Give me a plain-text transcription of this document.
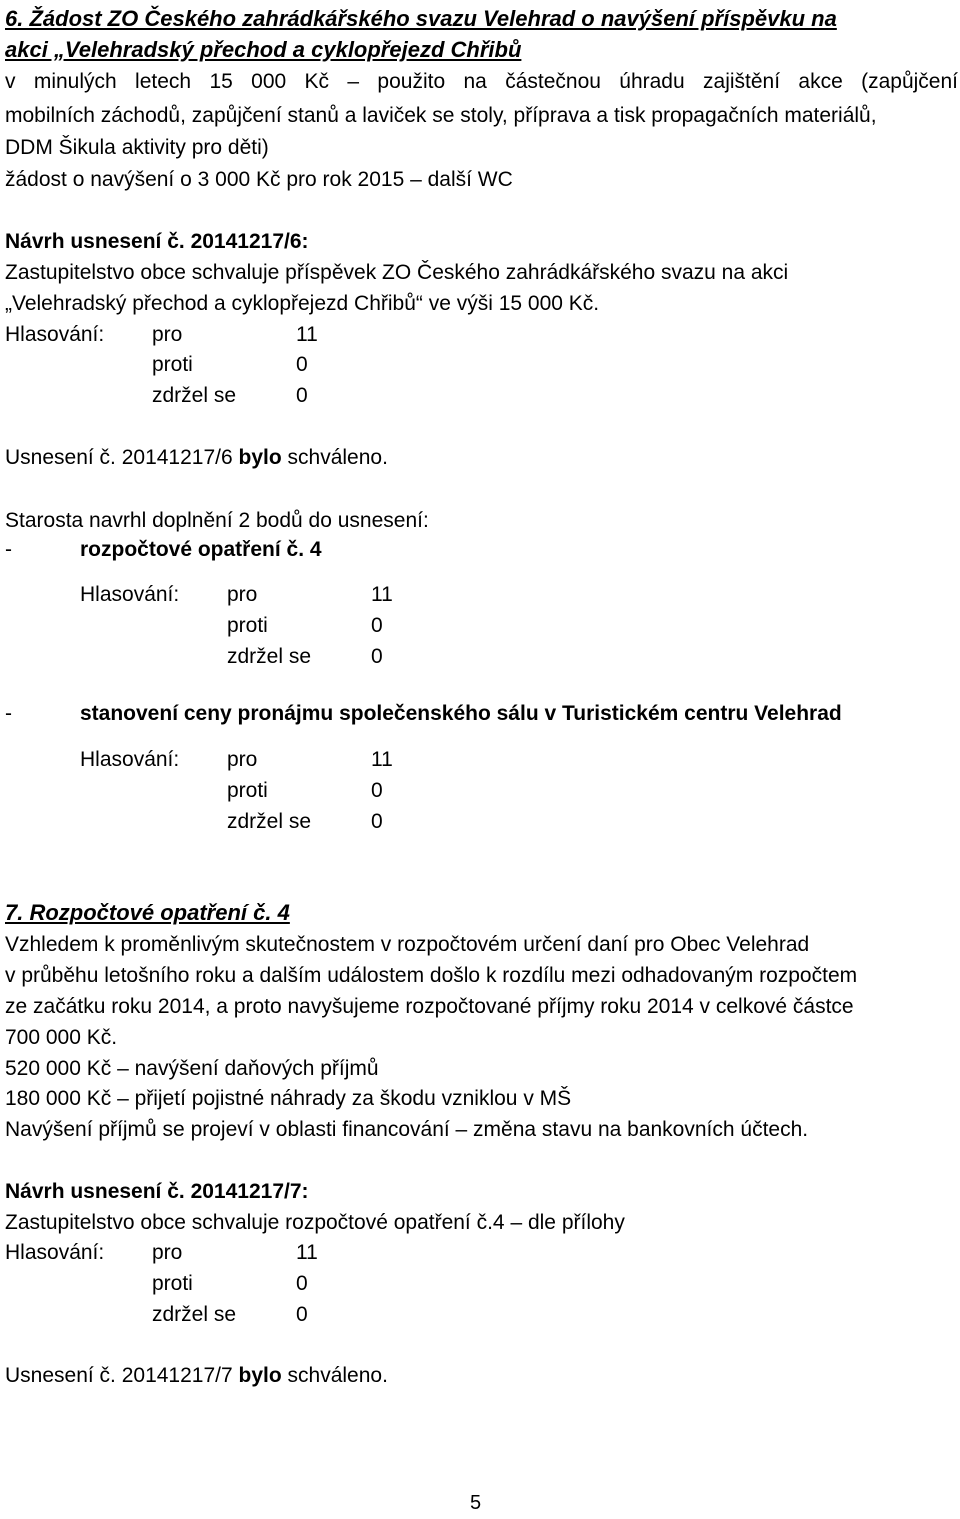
6. Žádost ZO Českého zahrádkářského svazu Velehrad o navýšení příspěvku na
akci „Velehradský přechod a cyklopřejezd Chřibů
v minulých letech 15 000 Kč – použito na částečnou úhradu zajištění akce (zapůjčení
mobilních záchodů, zapůjčení stanů a laviček se stoly, příprava a tisk propagačních materiálů,
DDM Šikula aktivity pro děti)
žádost o navýšení o 3 000 Kč pro rok 2015 – další WC
Návrh usnesení č. 20141217/6:
Zastupitelstvo obce schvaluje příspěvek ZO Českého zahrádkářského svazu na akci
„Velehradský přechod a cyklopřejezd Chřibů“ ve výši 15 000 Kč.
Hlasování: pro	11
proti	0
zdržel se	0
Usnesení č. 20141217/6 bylo schváleno.
Starosta navrhl doplnění 2 bodů do usnesení:
-	rozpočtové opatření č. 4
Hlasování: pro	11
proti	0
zdržel se	0
-	stanovení ceny pronájmu společenského sálu v Turistickém centru Velehrad
Hlasování: pro	11
proti	0
zdržel se	0
7. Rozpočtové opatření č. 4
Vzhledem k proměnlivým skutečnostem v rozpočtovém určení daní pro Obec Velehrad
v průběhu letošního roku a dalším událostem došlo k rozdílu mezi odhadovaným rozpočtem
ze začátku roku 2014, a proto navyšujeme rozpočtované příjmy roku 2014 v celkové částce
700 000 Kč.
520 000 Kč – navýšení daňových příjmů
180 000 Kč – přijetí pojistné náhrady za škodu vzniklou v MŠ
Navýšení příjmů se projeví v oblasti financování – změna stavu na bankovních účtech.
Návrh usnesení č. 20141217/7:
Zastupitelstvo obce schvaluje rozpočtové opatření č.4 – dle přílohy
Hlasování: pro	11
proti	0
zdržel se	0
Usnesení č. 20141217/7 bylo schváleno.
5
